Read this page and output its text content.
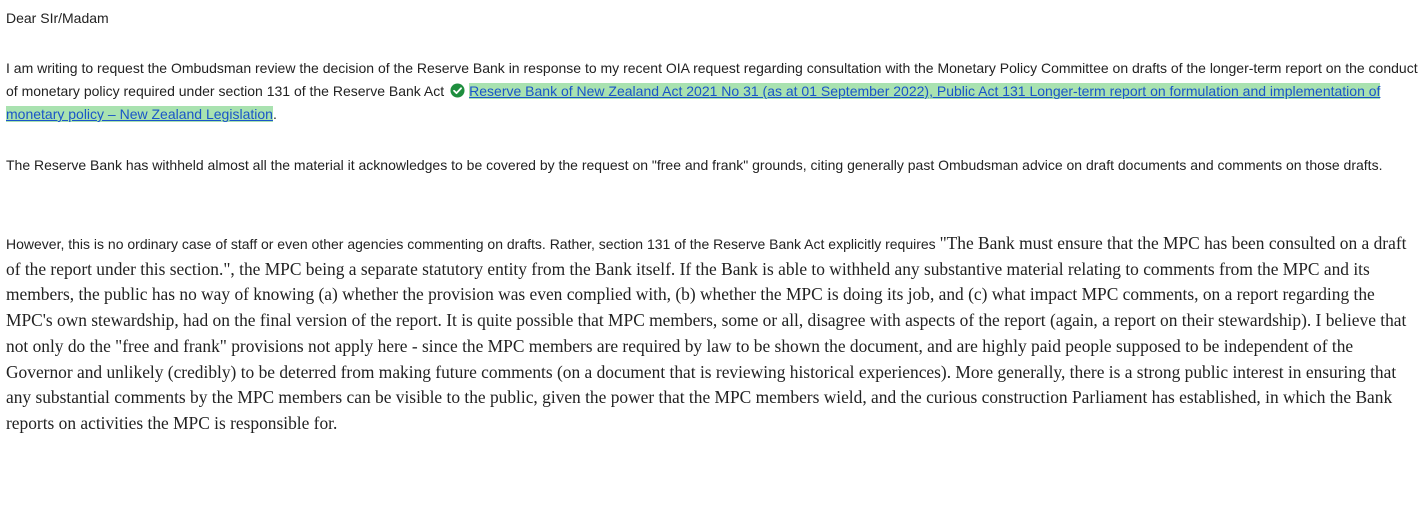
Dear SIr/Madam

I am writing to request the Ombudsman review the decision of the Reserve Bank in response to my recent OIA request regarding consultation with the Monetary Policy Committee on drafts of the longer-term report on the conduct of monetary policy required under section 131 of the Reserve Bank Act Reserve Bank of New Zealand Act 2021 No 31 (as at 01 September 2022), Public Act 131 Longer-term report on formulation and implementation of monetary policy – New Zealand Legislation.

The Reserve Bank has withheld almost all the material it acknowledges to be covered by the request on "free and frank" grounds, citing generally past Ombudsman advice on draft documents and comments on those drafts.

However, this is no ordinary case of staff or even other agencies commenting on drafts. Rather, section 131 of the Reserve Bank Act explicitly requires "The Bank must ensure that the MPC has been consulted on a draft of the report under this section.", the MPC being a separate statutory entity from the Bank itself. If the Bank is able to withheld any substantive material relating to comments from the MPC and its members, the public has no way of knowing (a) whether the provision was even complied with, (b) whether the MPC is doing its job, and (c) what impact MPC comments, on a report regarding the MPC's own stewardship, had on the final version of the report. It is quite possible that MPC members, some or all, disagree with aspects of the report (again, a report on their stewardship). I believe that not only do the "free and frank" provisions not apply here - since the MPC members are required by law to be shown the document, and are highly paid people supposed to be independent of the Governor and unlikely (credibly) to be deterred from making future comments (on a document that is reviewing historical experiences). More generally, there is a strong public interest in ensuring that any substantial comments by the MPC members can be visible to the public, given the power that the MPC members wield, and the curious construction Parliament has established, in which the Bank reports on activities the MPC is responsible for.
